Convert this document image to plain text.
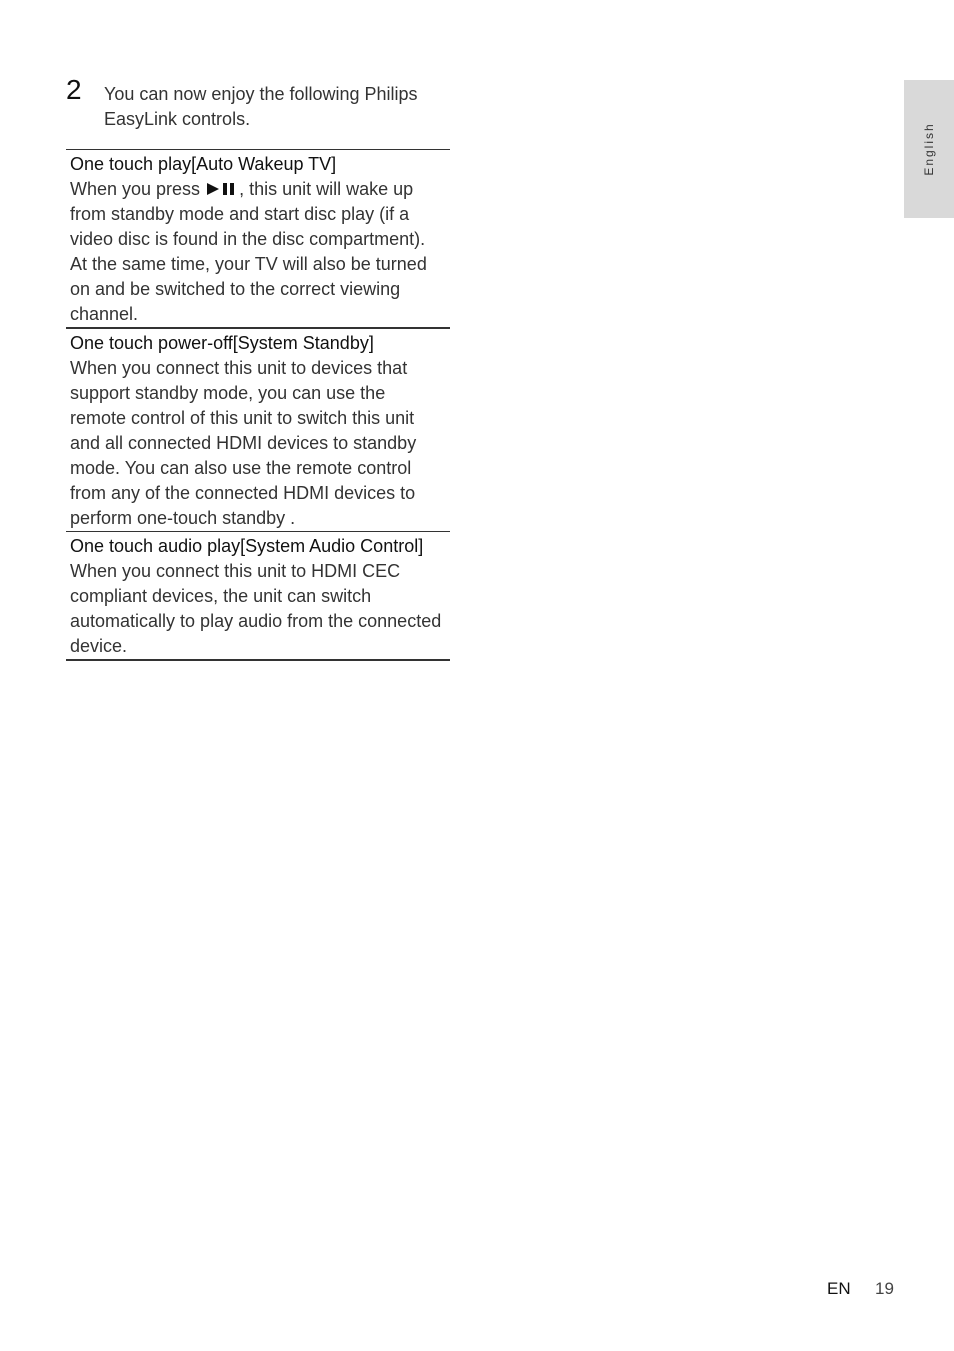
2 You can now enjoy the following Philips EasyLink controls.
One touch play[Auto Wakeup TV]
When you press , this unit will wake up from standby mode and start disc play (if a video disc is found in the disc compartment). At the same time, your TV will also be turned on and be switched to the correct viewing channel.
One touch power-off[System Standby]
When you connect this unit to devices that support standby mode, you can use the remote control of this unit to switch this unit and all connected HDMI devices to standby mode. You can also use the remote control from any of the connected HDMI devices to perform one-touch standby .
One touch audio play[System Audio Control]
When you connect this unit to HDMI CEC compliant devices, the unit can switch automatically to play audio from the connected device.
English
EN 19
